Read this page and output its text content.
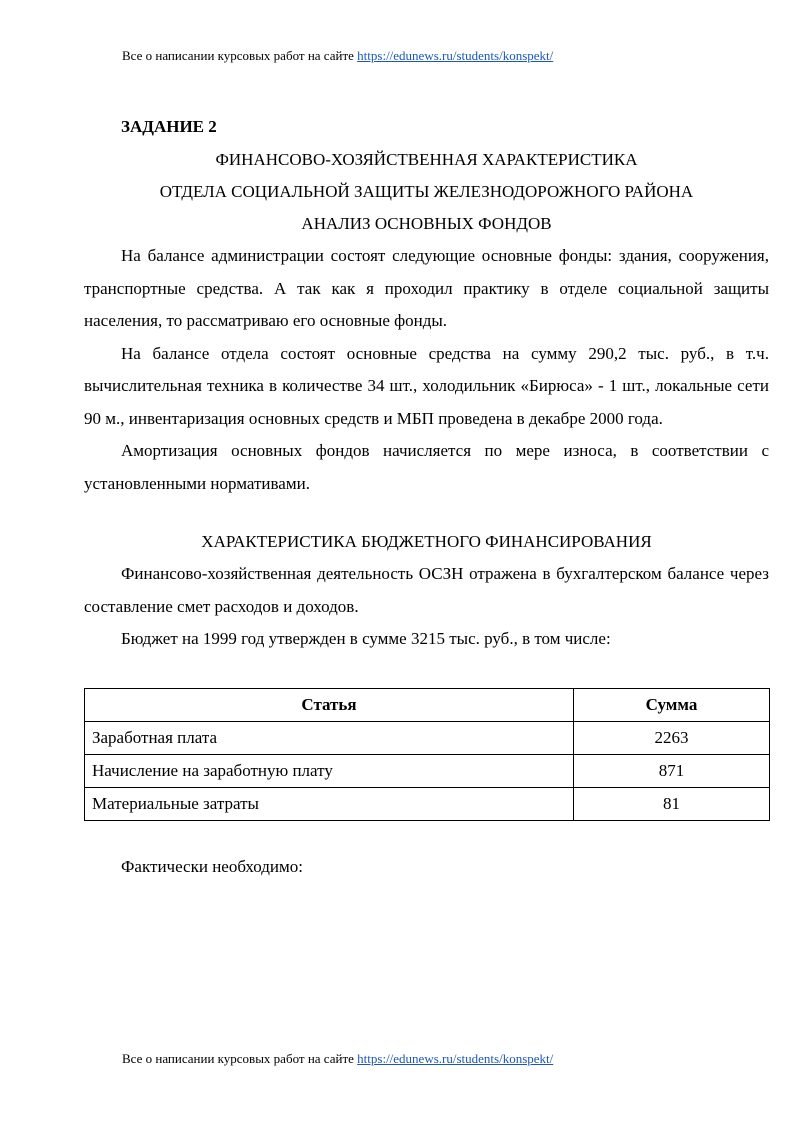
Все о написании курсовых работ на сайте https://edunews.ru/students/konspekt/
ЗАДАНИЕ 2
ФИНАНСОВО-ХОЗЯЙСТВЕННАЯ ХАРАКТЕРИСТИКА
ОТДЕЛА СОЦИАЛЬНОЙ ЗАЩИТЫ ЖЕЛЕЗНОДОРОЖНОГО РАЙОНА
АНАЛИЗ ОСНОВНЫХ ФОНДОВ

На балансе администрации состоят следующие основные фонды: здания, сооружения, транспортные средства. А так как я проходил практику в отделе социальной защиты населения, то рассматриваю его основные фонды.

На балансе отдела состоят основные средства на сумму 290,2 тыс. руб., в т.ч. вычислительная техника в количестве 34 шт., холодильник «Бирюса» - 1 шт., локальные сети 90 м., инвентаризация основных средств и МБП проведена в декабре 2000 года.

Амортизация основных фондов начисляется по мере износа, в соответствии с установленными нормативами.

ХАРАКТЕРИСТИКА БЮДЖЕТНОГО ФИНАНСИРОВАНИЯ

Финансово-хозяйственная деятельность ОСЗН отражена в бухгалтерском балансе через составление смет расходов и доходов.

Бюджет на 1999 год утвержден в сумме 3215 тыс. руб., в том числе:

Статья	Сумма
Заработная плата	2263
Начисление на заработную плату	871
Материальные затраты	81

Фактически необходимо:

Все о написании курсовых работ на сайте https://edunews.ru/students/konspekt/
